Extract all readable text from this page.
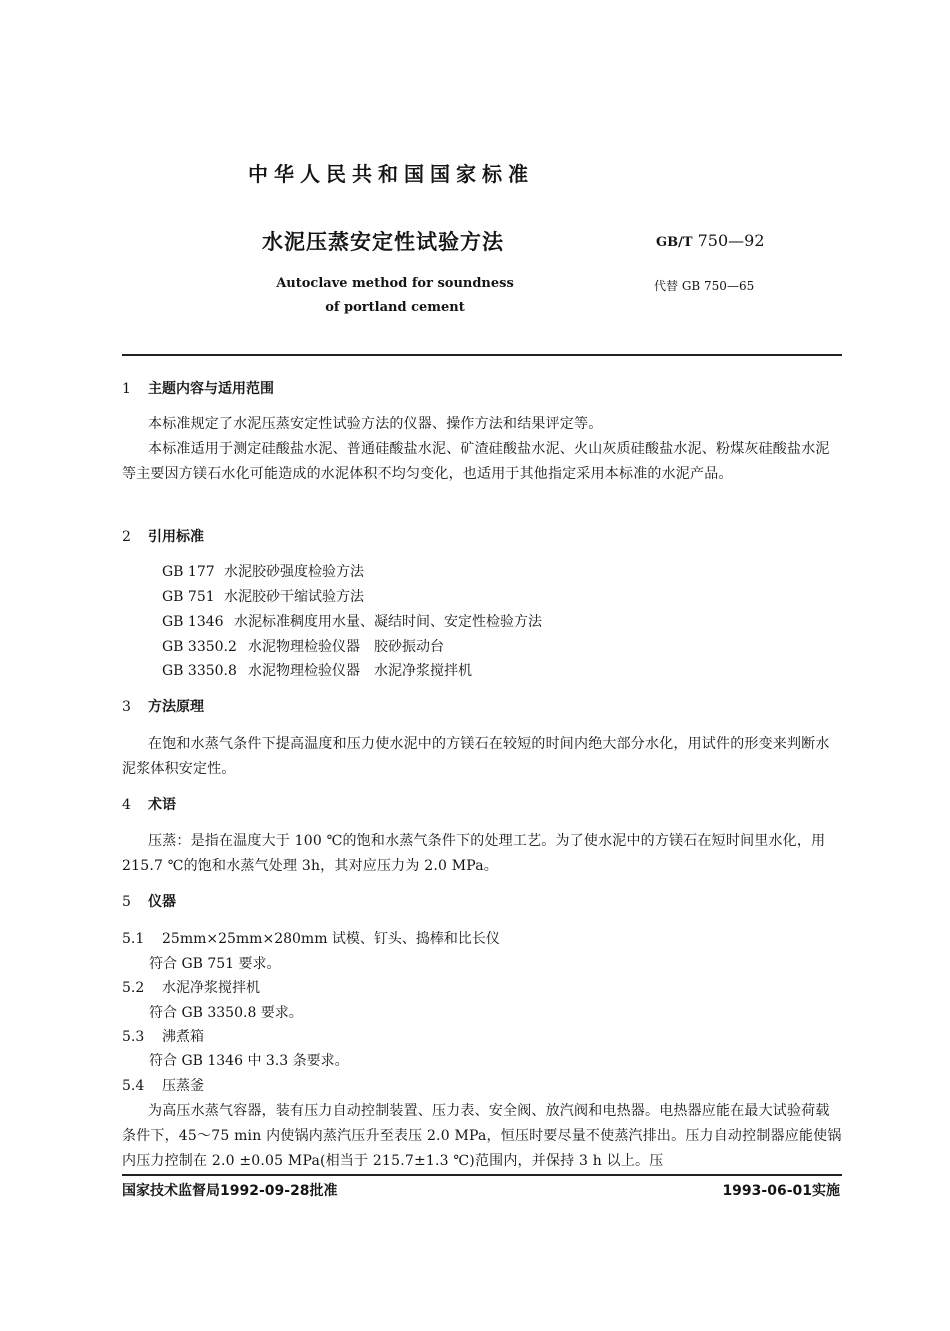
中华人民共和国国家标准
水泥压蒸安定性试验方法
Autoclave method for soundness
of portland cement
GB/T 750—92
代替 GB 750—65
1 主题内容与适用范围
本标准规定了水泥压蒸安定性试验方法的仪器、操作方法和结果评定等。
本标准适用于测定硅酸盐水泥、普通硅酸盐水泥、矿渣硅酸盐水泥、火山灰质硅酸盐水泥、粉煤灰硅酸盐水泥等主要因方镁石水化可能造成的水泥体积不均匀变化，也适用于其他指定采用本标准的水泥产品。
2 引用标准
GB 177 水泥胶砂强度检验方法
GB 751 水泥胶砂干缩试验方法
GB 1346 水泥标准稠度用水量、凝结时间、安定性检验方法
GB 3350.2 水泥物理检验仪器　胶砂振动台
GB 3350.8 水泥物理检验仪器　水泥净浆搅拌机
3 方法原理
在饱和水蒸气条件下提高温度和压力使水泥中的方镁石在较短的时间内绝大部分水化，用试件的形变来判断水泥浆体积安定性。
4 术语
压蒸：是指在温度大于 100 ℃的饱和水蒸气条件下的处理工艺。为了使水泥中的方镁石在短时间里水化，用 215.7 ℃的饱和水蒸气处理 3h，其对应压力为 2.0 MPa。
5 仪器
5.1 25mm×25mm×280mm 试模、钉头、捣棒和比长仪
符合 GB 751 要求。
5.2 水泥净浆搅拌机
符合 GB 3350.8 要求。
5.3 沸煮箱
符合 GB 1346 中 3.3 条要求。
5.4 压蒸釜
为高压水蒸气容器，装有压力自动控制装置、压力表、安全阀、放汽阀和电热器。电热器应能在最大试验荷载条件下，45～75 min 内使锅内蒸汽压升至表压 2.0 MPa，恒压时要尽量不使蒸汽排出。压力自动控制器应能使锅内压力控制在 2.0 ±0.05 MPa(相当于 215.7±1.3 ℃)范围内，并保持 3 h 以上。压
国家技术监督局1992-09-28批准	1993-06-01实施
